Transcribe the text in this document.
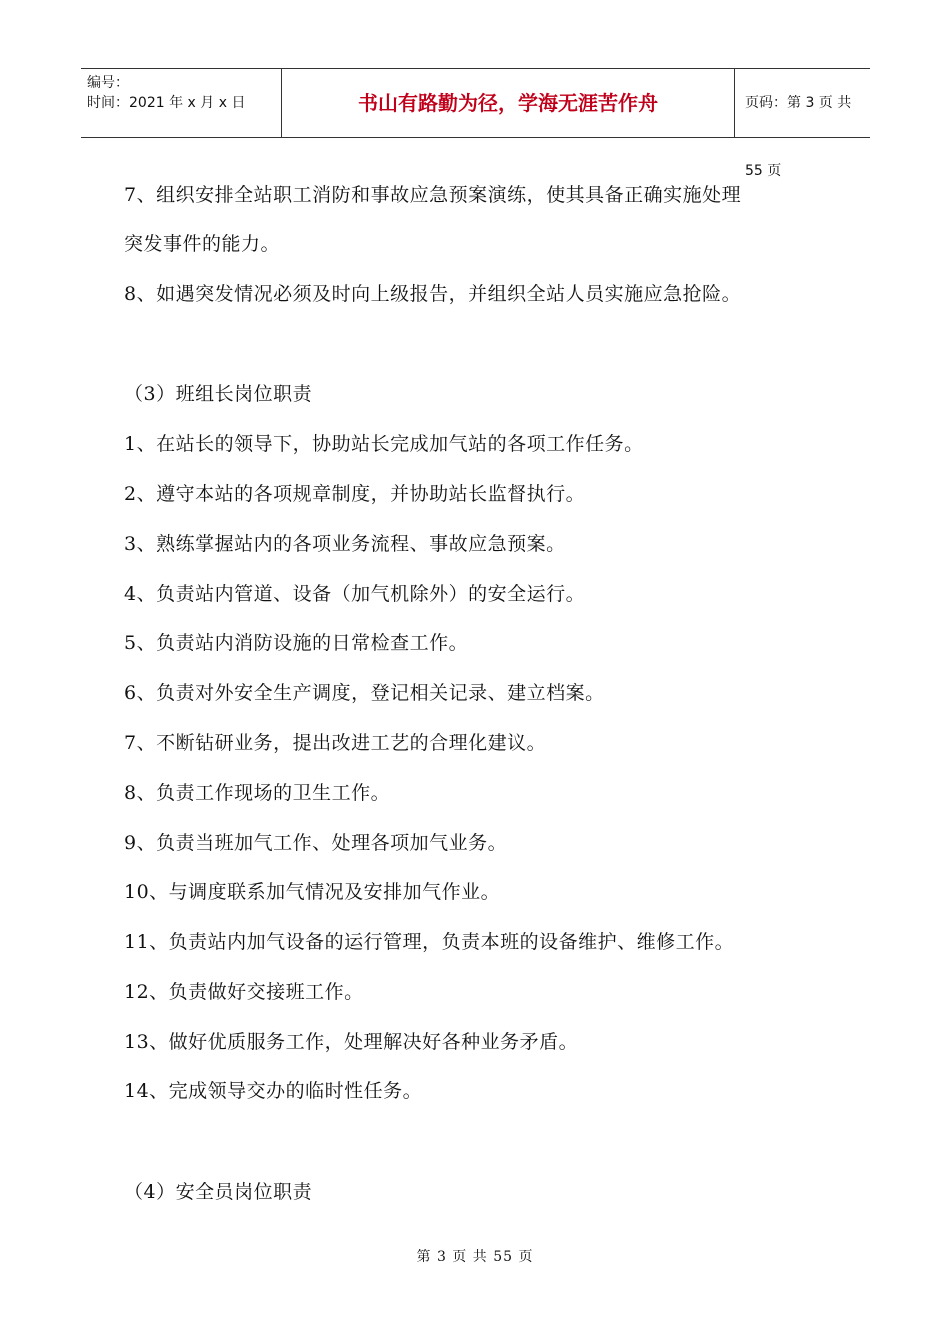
编号：
时间：2021 年 x 月 x 日	书山有路勤为径，学海无涯苦作舟	页码：第 3 页 共 55 页
7、组织安排全站职工消防和事故应急预案演练，使其具备正确实施处理
突发事件的能力。
8、如遇突发情况必须及时向上级报告，并组织全站人员实施应急抢险。
（3）班组长岗位职责
1、在站长的领导下，协助站长完成加气站的各项工作任务。
2、遵守本站的各项规章制度，并协助站长监督执行。
3、熟练掌握站内的各项业务流程、事故应急预案。
4、负责站内管道、设备（加气机除外）的安全运行。
5、负责站内消防设施的日常检查工作。
6、负责对外安全生产调度，登记相关记录、建立档案。
7、不断钻研业务，提出改进工艺的合理化建议。
8、负责工作现场的卫生工作。
9、负责当班加气工作、处理各项加气业务。
10、与调度联系加气情况及安排加气作业。
11、负责站内加气设备的运行管理，负责本班的设备维护、维修工作。
12、负责做好交接班工作。
13、做好优质服务工作，处理解决好各种业务矛盾。
14、完成领导交办的临时性任务。
（4）安全员岗位职责
第 3 页 共 55 页
